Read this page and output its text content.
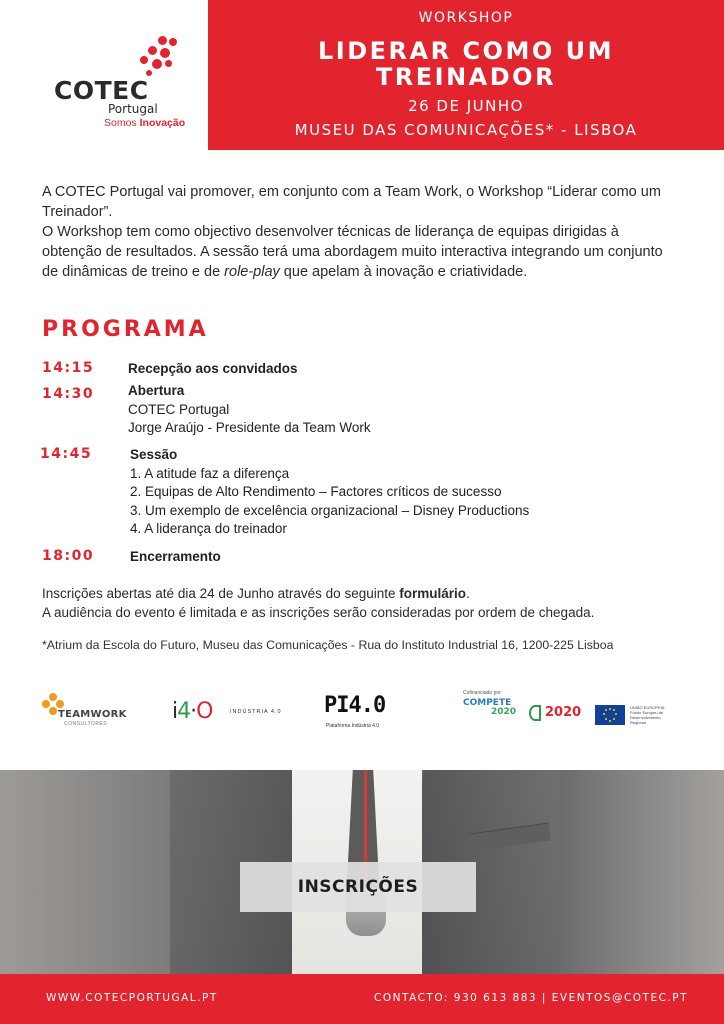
COTEC
Portugal
Somos Inovação
WORKSHOP
LIDERAR COMO UM
TREINADOR
26 DE JUNHO
MUSEU DAS COMUNICAÇÕES* - LISBOA

A COTEC Portugal vai promover, em conjunto com a Team Work, o Workshop “Liderar como um Treinador”.

O Workshop tem como objectivo desenvolver técnicas de liderança de equipas dirigidas à obtenção de resultados. A sessão terá uma abordagem muito interactiva integrando um conjunto de dinâmicas de treino e de role-play que apelam à inovação e criatividade.

PROGRAMA
14:15	Recepção aos convidados
14:30	Abertura
COTEC Portugal
Jorge Araújo - Presidente da Team Work
14:45	Sessão
1. A atitude faz a diferença
2. Equipas de Alto Rendimento – Factores críticos de sucesso
3. Um exemplo de excelência organizacional – Disney Productions
4. A liderança do treinador
18:00	Encerramento
Inscrições abertas até dia 24 de Junho através do seguinte formulário.
A audiência do evento é limitada e as inscrições serão consideradas por ordem de chegada.
*Atrium da Escola do Futuro, Museu das Comunicações - Rua do Instituto Industrial 16, 1200-225 Lisboa
TEAMWORK
CONSULTORES	i4·O	INDÚSTRIA 4.0 PI4.0
Plataforma Indústria 4.0
Cofinanciado por:
COMPETE
2020 2020	UNIÃO EUROPEIA Fundo Europeu de Desenvolvimento Regional
INSCRIÇÕES
WWW.COTECPORTUGAL.PT	CONTACTO: 930 613 883 | EVENTOS@COTEC.PT
